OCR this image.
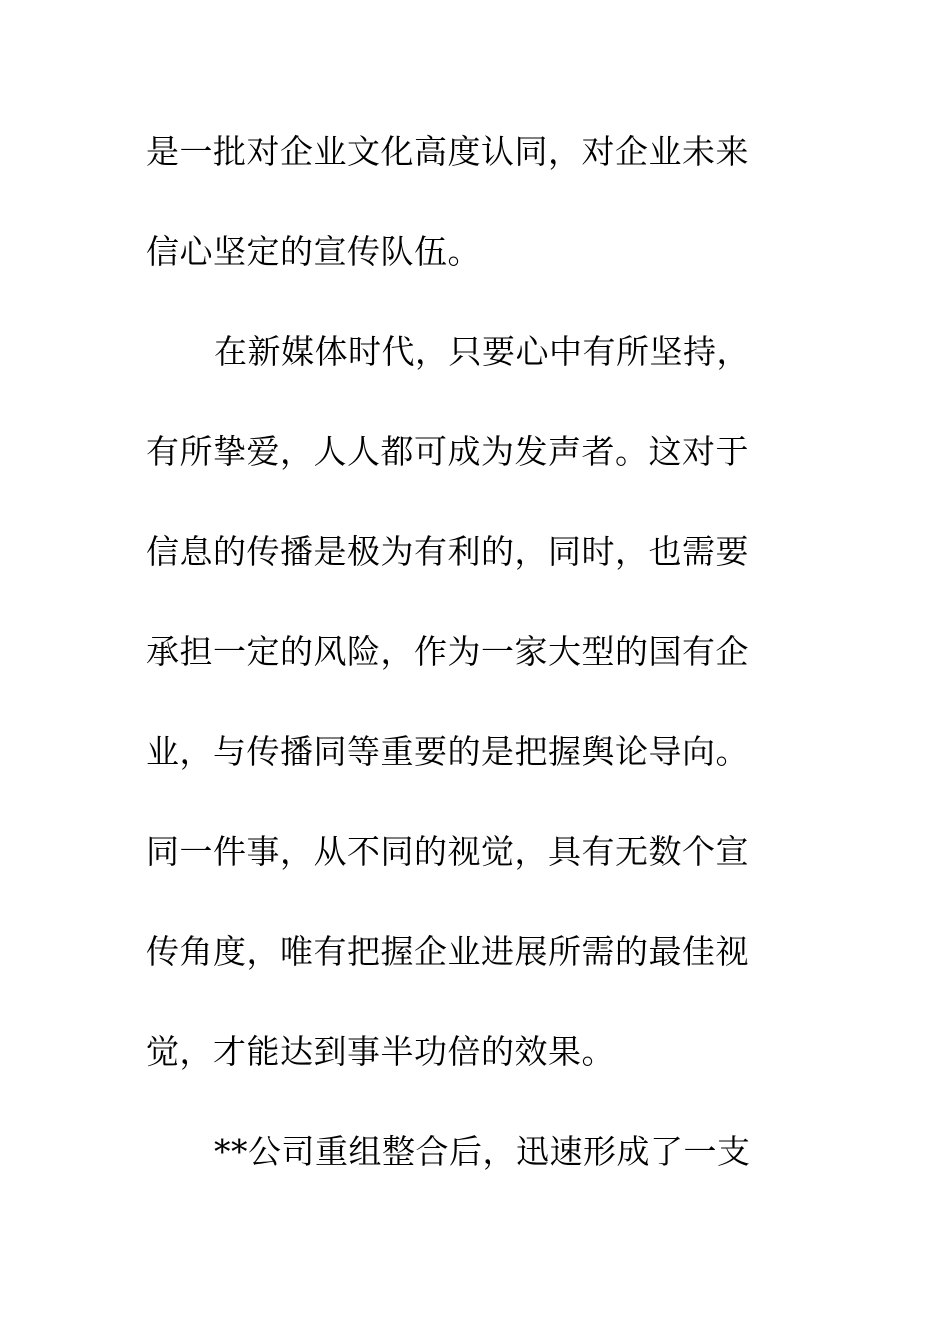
是一批对企业文化高度认同，对企业未来
信心坚定的宣传队伍。
在新媒体时代，只要心中有所坚持，
有所挚爱，人人都可成为发声者。这对于
信息的传播是极为有利的，同时，也需要
承担一定的风险，作为一家大型的国有企
业，与传播同等重要的是把握舆论导向。
同一件事，从不同的视觉，具有无数个宣
传角度，唯有把握企业进展所需的最佳视
觉，才能达到事半功倍的效果。
**公司重组整合后，迅速形成了一支
